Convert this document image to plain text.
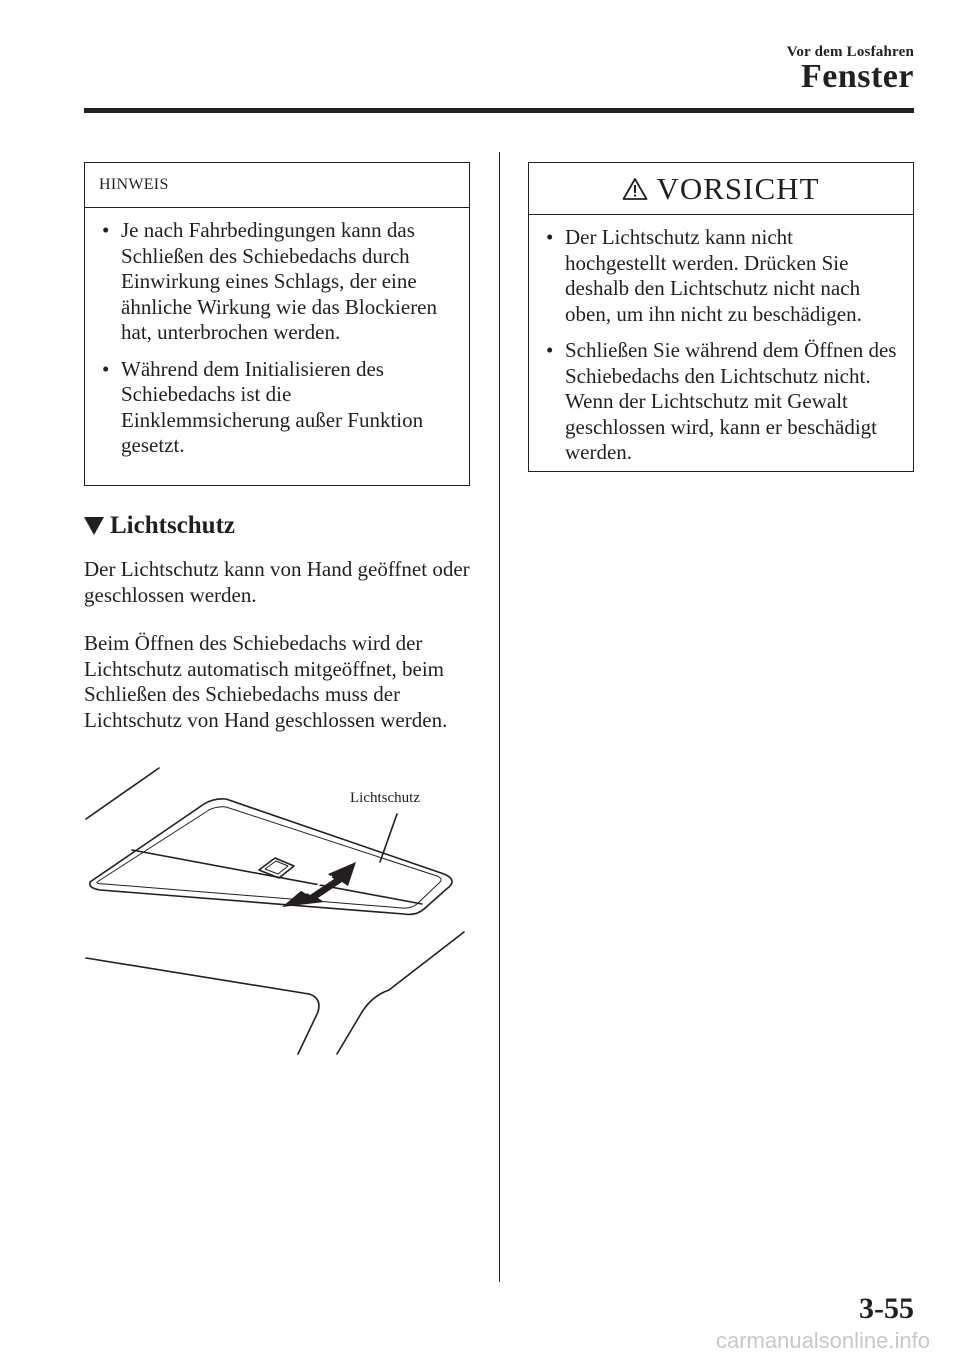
Vor dem Losfahren
Fenster
HINWEIS
• Je nach Fahrbedingungen kann das Schließen des Schiebedachs durch Einwirkung eines Schlags, der eine ähnliche Wirkung wie das Blockieren hat, unterbrochen werden.
• Während dem Initialisieren des Schiebedachs ist die Einklemmsicherung außer Funktion gesetzt.
Lichtschutz

Der Lichtschutz kann von Hand geöffnet oder geschlossen werden.

Beim Öffnen des Schiebedachs wird der Lichtschutz automatisch mitgeöffnet, beim Schließen des Schiebedachs muss der Lichtschutz von Hand geschlossen werden.

Lichtschutz
VORSICHT
• Der Lichtschutz kann nicht hochgestellt werden. Drücken Sie deshalb den Lichtschutz nicht nach oben, um ihn nicht zu beschädigen.
• Schließen Sie während dem Öffnen des Schiebedachs den Lichtschutz nicht. Wenn der Lichtschutz mit Gewalt geschlossen wird, kann er beschädigt werden.
3-55
carmanualsonline.info
